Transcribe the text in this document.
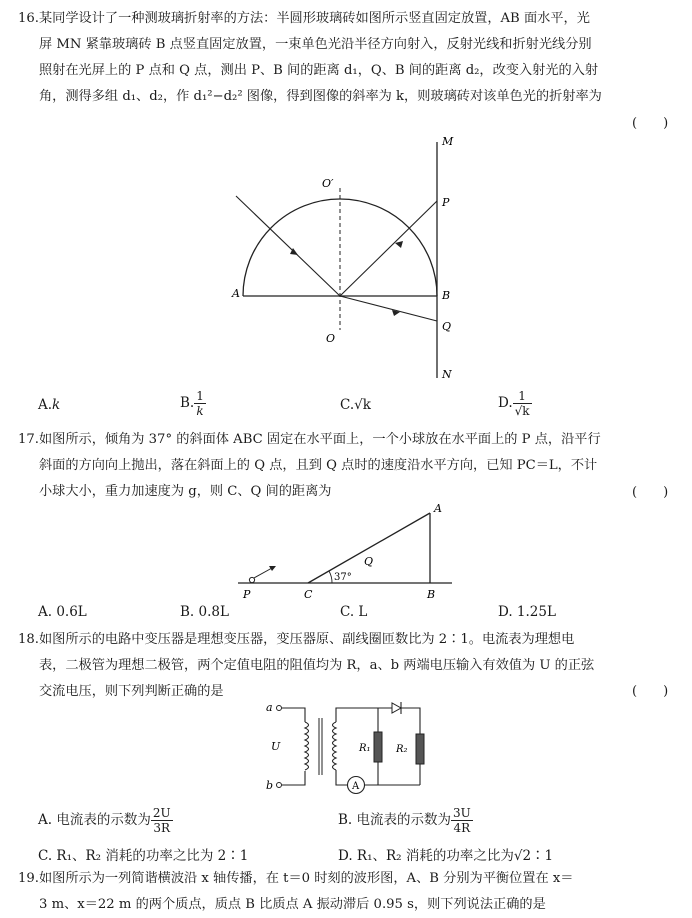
16.某同学设计了一种测玻璃折射率的方法：半圆形玻璃砖如图所示竖直固定放置，AB 面水平，光
屏 MN 紧靠玻璃砖 B 点竖直固定放置，一束单色光沿半径方向射入，反射光线和折射光线分别
照射在光屏上的 P 点和 Q 点，测出 P、B 间的距离 d₁，Q、B 间的距离 d₂，改变入射光的入射
角，测得多组 d₁、d₂，作 d₁²−d₂² 图像，得到图像的斜率为 k，则玻璃砖对该单色光的折射率为
(　　)
M
O′
P
A	B
O
Q
N
A.k	B. $\frac{1}{k}$	C.√k	D. $\frac{1}{√k}$
17.如图所示，倾角为 37° 的斜面体 ABC 固定在水平面上，一个小球放在水平面上的 P 点，沿平行
斜面的方向向上抛出，落在斜面上的 Q 点，且到 Q 点时的速度沿水平方向，已知 PC＝L，不计
小球大小，重力加速度为 g，则 C、Q 间的距离为	(　　)
A
Q
37°
P	C	B
A. 0.6L	B. 0.8L	C. L	D. 1.25L
18.如图所示的电路中变压器是理想变压器，变压器原、副线圈匝数比为 2∶1。电流表为理想电
表，二极管为理想二极管，两个定值电阻的阻值均为 R，a、b 两端电压输入有效值为 U 的正弦
交流电压，则下列判断正确的是	(　　)
A
R₁	R₂
a
b
U
A. 电流表的示数为 $\frac{2U}{3R}$	B. 电流表的示数为 $\frac{3U}{4R}$
C. R₁、R₂ 消耗的功率之比为 2∶1	D. R₁、R₂ 消耗的功率之比为√2∶1
19.如图所示为一列简谐横波沿 x 轴传播，在 t＝0 时刻的波形图，A、B 分别为平衡位置在 x＝
3 m、x＝22 m 的两个质点，质点 B 比质点 A 振动滞后 0.95 s，则下列说法正确的是
